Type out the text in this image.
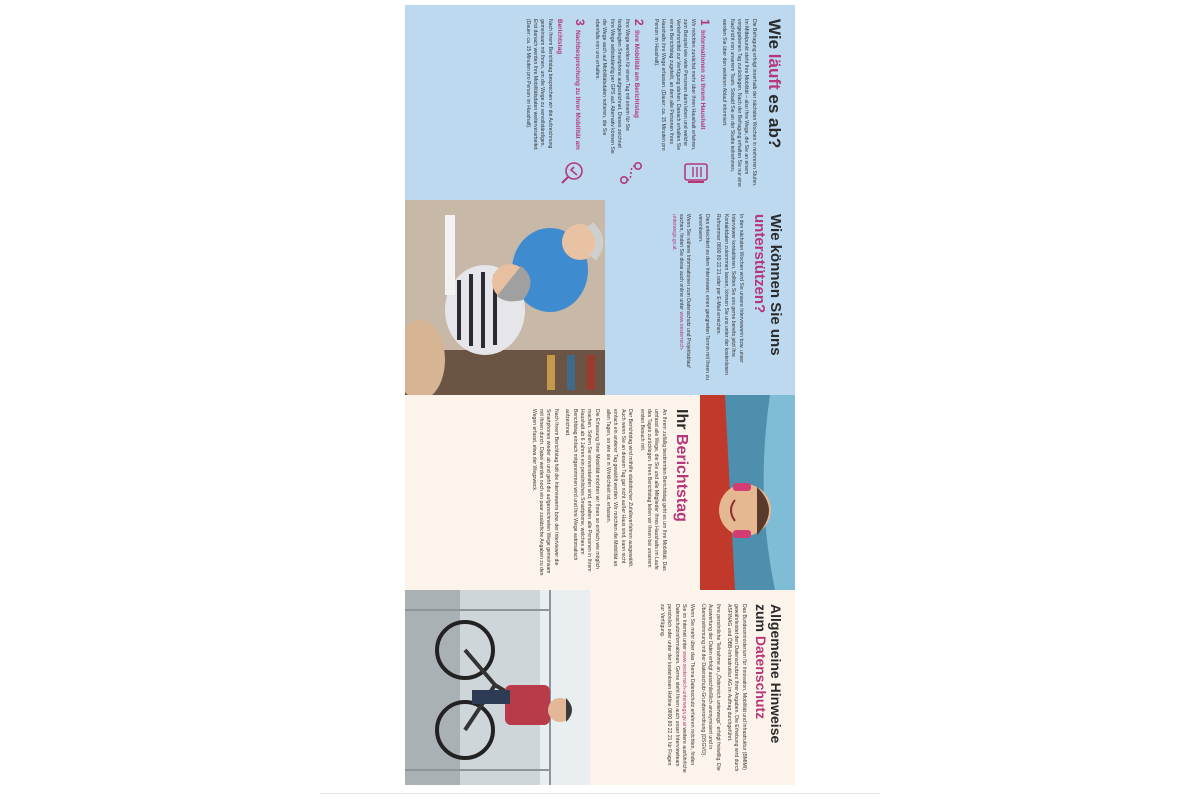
Wie läuft es ab?

Die Befragung erfolgt innerhalb der nächsten Wochen in mehreren Stufen. Im Mittelpunkt steht Ihre Mobilität – also Ihre Wege, die Sie an einem vorgegebenen Tag zurücklegen. Nach der Befragung erhalten Sie nur eine Nachricht von unserem Team. Sobald Sie an der Studie teilnehmen, werden Sie über den weiteren Ablauf informiert.

1 Informationen zu Ihrem Haushalt

Wir möchten zunächst mehr über Ihren Haushalt erfahren, zum Beispiel wie viele Personen darin leben und welche Verkehrsmittel zur Verfügung stehen. Danach erhalten Sie einen Berichtstag zugeteilt, an dem alle Personen Ihres Haushalts ihre Wege erfassen. (Dauer: ca. 15 Minuten pro Person im Haushalt).

2 Ihre Mobilität am Berichtstag

Ihre Wege werden für einen Tag mit einem für Sie festgelegten Smartphone aufgezeichnet. Dieses zeichnet Ihre Wege selbstständig per GPS auf. Alternativ können Sie die Wege auch auf Mobilitätsdaten notieren, die Sie ebenfalls von uns erhalten.

3 Nachbesprechung zu Ihrer Mobilität am Berichtstag

Nach Ihrem Berichtstag besprechen wir die Aufzeichnung gemeinsam mit Ihnen, um die Wege zu vervollständigen. Erst danach werden Ihre Mobilitätsdaten weiterverarbeitet. (Dauer: ca. 15 Minuten pro Person im Haushalt).

Wie können Sie uns unterstützen?

In den nächsten Wochen wird Sie unsere Interviewerin bzw. unser Interviewer kontaktieren. Sollten Sie uns gerne bereits jetzt Ihre Kontaktdaten zukommen lassen, können Sie uns unter der kostenlosen Rufnummer 0800 80 22 21 oder per E-Mail erreichen.

Dies erleichtert es dem Interviewer, einen geeigneten Termin mit Ihnen zu vereinbaren.

Wenn Sie nähere Informationen zum Datenschutz und Projektablauf suchen, finden Sie diese auch online unter www.oesterreich-unterwegs.gv.at.

Ihr Berichtstag

An Ihrem zufällig bestimmten Berichtstag geht es um Ihre Mobilität. Das umfasst alle Wege, die Sie und alle Mitglieder Ihres Haushalts im Laufe des Tages zurücklegen. Ihren Berichtstag teilen wir Ihnen bei unserem ersten Besuch mit.

Der Berichtstag wird mithilfe statistischer Zufallsverfahren ausgewählt. Auch wenn Sie an diesem Tag gar nicht außer Haus sind, kann nicht einfach ein anderer Tag gewählt werden. Wir möchten die Mobilität an allen Tagen, so wie sie in Wirklichkeit ist, erfassen.

Die Erfassung Ihrer Mobilität möchten wir Ihnen so einfach wie möglich machen. Sofern Sie einverstanden sind, erhalten alle Personen in Ihrem Haushalt ab 6 Jahren ein persönliches Smartphone, welches am Berichtstag einfach mitgenommen wird und Ihre Wege automatisch aufzeichnet.

Nach Ihrem Berichtstag holt die Interviewerin bzw. der Interviewer die Smartphones wieder ab und geht die aufgezeichneten Wege gemeinsam mit Ihnen durch. Dabei werden noch ein paar zusätzliche Angaben zu den Wegen erfasst, etwa der Wegzweck.

Allgemeine Hinweise zum Datenschutz

Das Bundesministerium für Innovation, Mobilität und Infrastruktur (BMIMI) gewährleistet den Datenschutzes Ihrer Angaben. Die Erhebung wird durch ASFINAG und ÖBB-Infrastruktur AG im Auftrag durchgeführt.

Ihre persönliche Teilnahme an „Österreich unterwegs“ erfolgt freiwillig. Die Auswertung der Daten erfolgt ausschließlich anonymisiert und in Übereinstimmung mit der Datenschutz-Grundverordnung (DSGVO).

Wenn Sie mehr über das Thema Datenschutz erfahren möchten, finden Sie im Internet unter www.oesterreich-unterwegs.gv.at weitere ausführliche Datenschutzinformationen. Gerne steht Ihnen auch unser Interviewteam persönlich oder unter der kostenlosen Hotline 0800 80 22 21 für Fragen zur Verfügung.
